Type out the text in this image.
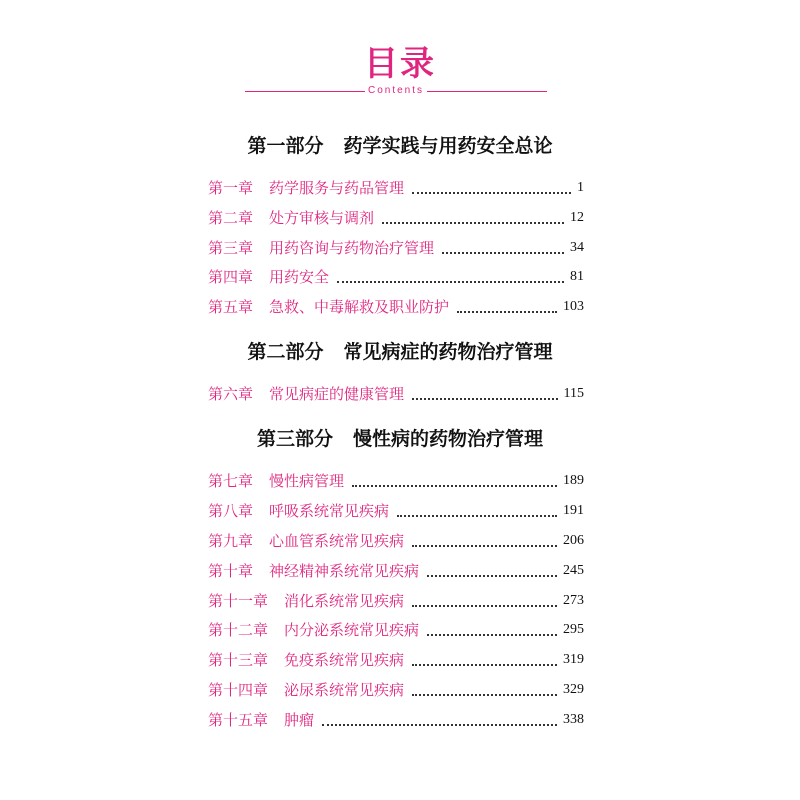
目录
Contents
第一部分 药学实践与用药安全总论
第一章 药学服务与药品管理	1
第二章 处方审核与调剂	12
第三章 用药咨询与药物治疗管理	34
第四章 用药安全	81
第五章 急救、中毒解救及职业防护	103
第二部分 常见病症的药物治疗管理
第六章 常见病症的健康管理	115
第三部分 慢性病的药物治疗管理
第七章 慢性病管理	189
第八章 呼吸系统常见疾病	191
第九章 心血管系统常见疾病	206
第十章 神经精神系统常见疾病	245
第十一章 消化系统常见疾病	273
第十二章 内分泌系统常见疾病	295
第十三章 免疫系统常见疾病	319
第十四章 泌尿系统常见疾病	329
第十五章 肿瘤	338
